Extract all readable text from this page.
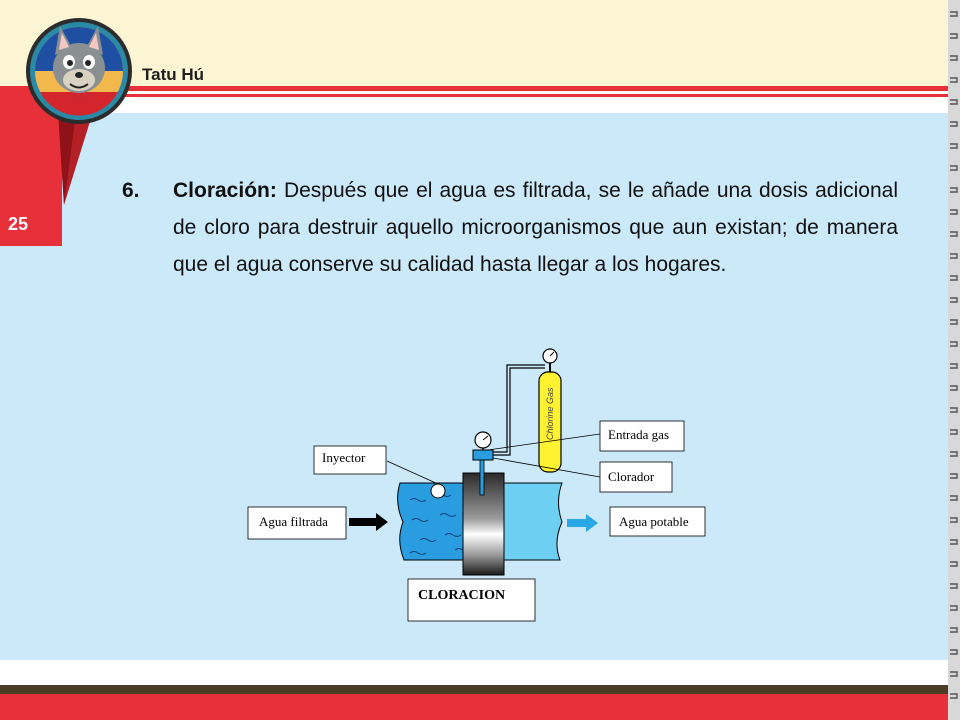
25
Tatu Hú
6. Cloración: Después que el agua es filtrada, se le añade una dosis adicional de cloro para destruir aquello microorganismos que aun existan; de manera que el agua conserve su calidad hasta llegar a los hogares.

Chlorine Gas
Inyector
Entrada gas
Clorador
Agua filtrada	Agua potable
CLORACION
